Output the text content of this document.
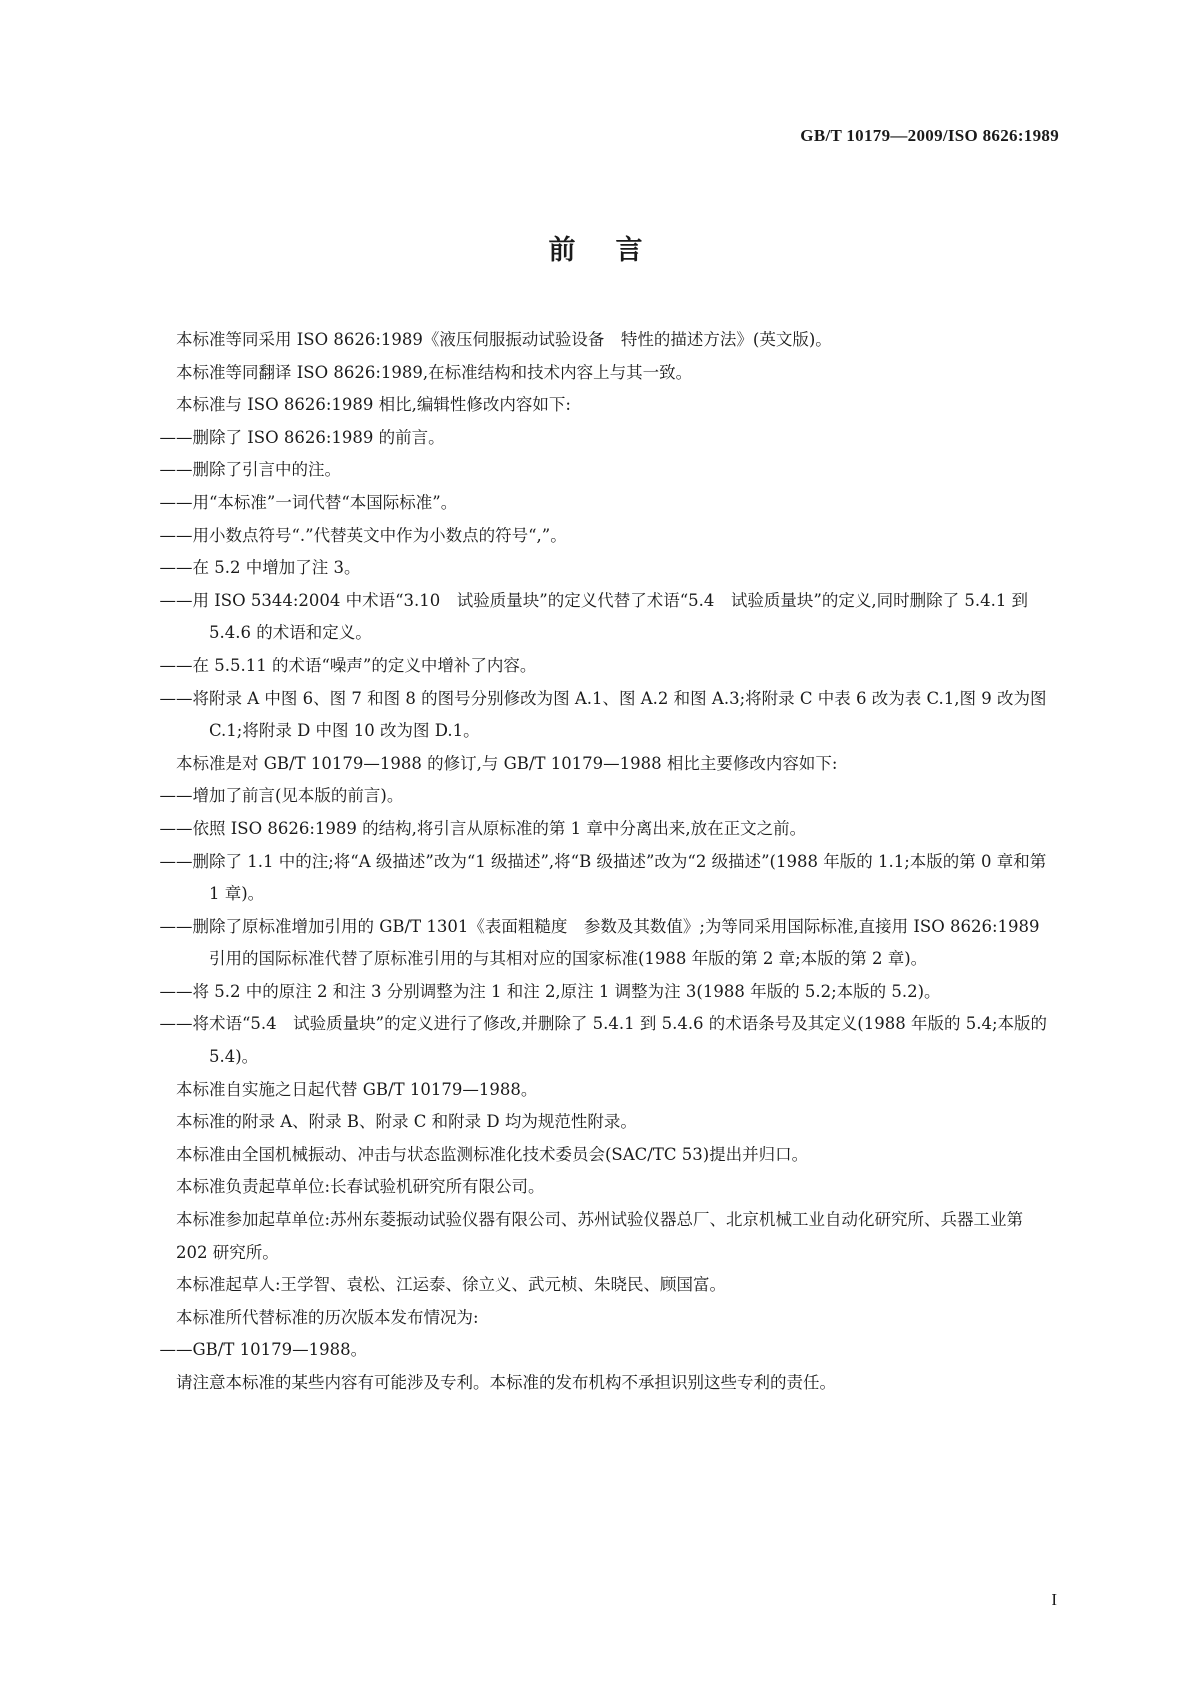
GB/T 10179—2009/ISO 8626:1989
前言

本标准等同采用 ISO 8626:1989《液压伺服振动试验设备　特性的描述方法》(英文版)。

本标准等同翻译 ISO 8626:1989,在标准结构和技术内容上与其一致。

本标准与 ISO 8626:1989 相比,编辑性修改内容如下:

——删除了 ISO 8626:1989 的前言。

——删除了引言中的注。

——用“本标准”一词代替“本国际标准”。

——用小数点符号“.”代替英文中作为小数点的符号“,”。

——在 5.2 中增加了注 3。

——用 ISO 5344:2004 中术语“3.10　试验质量块”的定义代替了术语“5.4　试验质量块”的定义,同时删除了 5.4.1 到 5.4.6 的术语和定义。

——在 5.5.11 的术语“噪声”的定义中增补了内容。

——将附录 A 中图 6、图 7 和图 8 的图号分别修改为图 A.1、图 A.2 和图 A.3;将附录 C 中表 6 改为表 C.1,图 9 改为图 C.1;将附录 D 中图 10 改为图 D.1。

本标准是对 GB/T 10179—1988 的修订,与 GB/T 10179—1988 相比主要修改内容如下:

——增加了前言(见本版的前言)。

——依照 ISO 8626:1989 的结构,将引言从原标准的第 1 章中分离出来,放在正文之前。

——删除了 1.1 中的注;将“A 级描述”改为“1 级描述”,将“B 级描述”改为“2 级描述”(1988 年版的 1.1;本版的第 0 章和第 1 章)。

——删除了原标准增加引用的 GB/T 1301《表面粗糙度　参数及其数值》;为等同采用国际标准,直接用 ISO 8626:1989 引用的国际标准代替了原标准引用的与其相对应的国家标准(1988 年版的第 2 章;本版的第 2 章)。

——将 5.2 中的原注 2 和注 3 分别调整为注 1 和注 2,原注 1 调整为注 3(1988 年版的 5.2;本版的 5.2)。

——将术语“5.4　试验质量块”的定义进行了修改,并删除了 5.4.1 到 5.4.6 的术语条号及其定义(1988 年版的 5.4;本版的 5.4)。

本标准自实施之日起代替 GB/T 10179—1988。

本标准的附录 A、附录 B、附录 C 和附录 D 均为规范性附录。

本标准由全国机械振动、冲击与状态监测标准化技术委员会(SAC/TC 53)提出并归口。

本标准负责起草单位:长春试验机研究所有限公司。

本标准参加起草单位:苏州东菱振动试验仪器有限公司、苏州试验仪器总厂、北京机械工业自动化研究所、兵器工业第 202 研究所。

本标准起草人:王学智、袁松、江运泰、徐立义、武元桢、朱晓民、顾国富。

本标准所代替标准的历次版本发布情况为:

——GB/T 10179—1988。

请注意本标准的某些内容有可能涉及专利。本标准的发布机构不承担识别这些专利的责任。

I
